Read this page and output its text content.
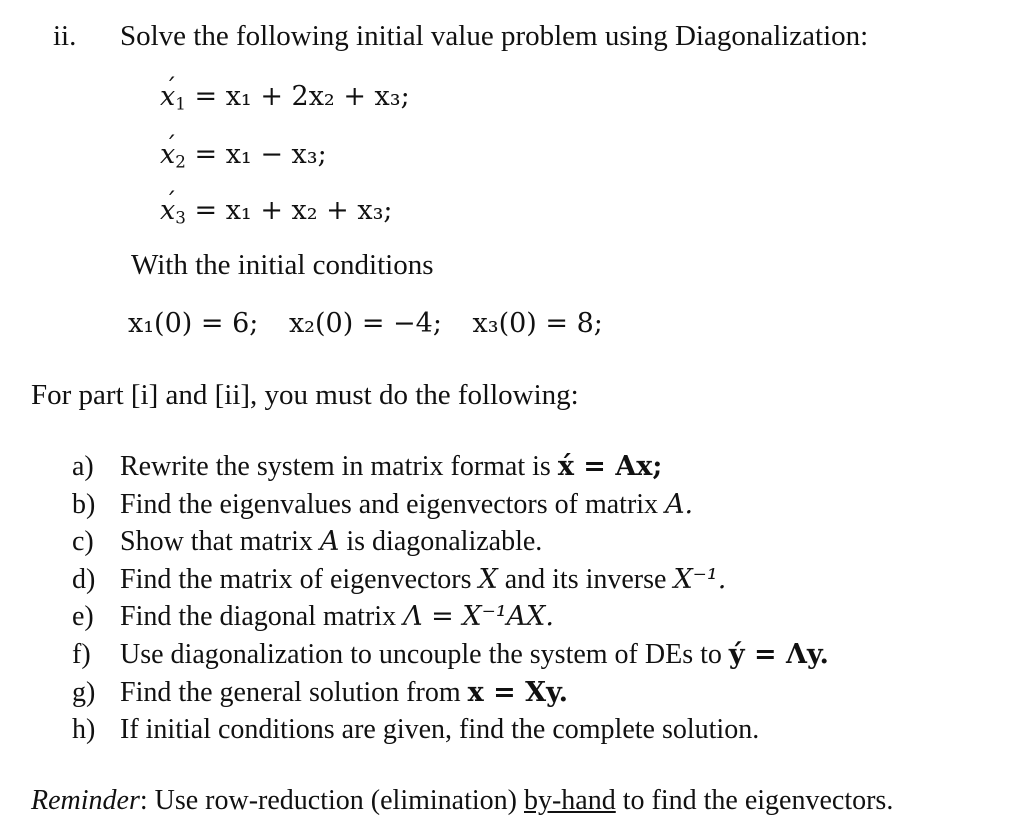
ii. Solve the following initial value problem using Diagonalization:
x $´_1 = x_1 + 2x_2 + x_3$;
x $´_2 = x_1 - x_3$;
x $´_3 = x_1 + x_2 + x_3$;
With the initial conditions
x₁(0) = 6; x₂(0) = −4; x₃(0) = 8;
For part [i] and [ii], you must do the following:
a) Rewrite the system in matrix format is x́ = Ax;
b) Find the eigenvalues and eigenvectors of matrix A.
c) Show that matrix A is diagonalizable.
d) Find the matrix of eigenvectors X and its inverse X⁻¹.
e) Find the diagonal matrix Λ = X⁻¹AX.
f) Use diagonalization to uncouple the system of DEs to ý = Λy.
g) Find the general solution from x = Xy.
h) If initial conditions are given, find the complete solution.
Reminder: Use row-reduction (elimination) by-hand to find the eigenvectors.
